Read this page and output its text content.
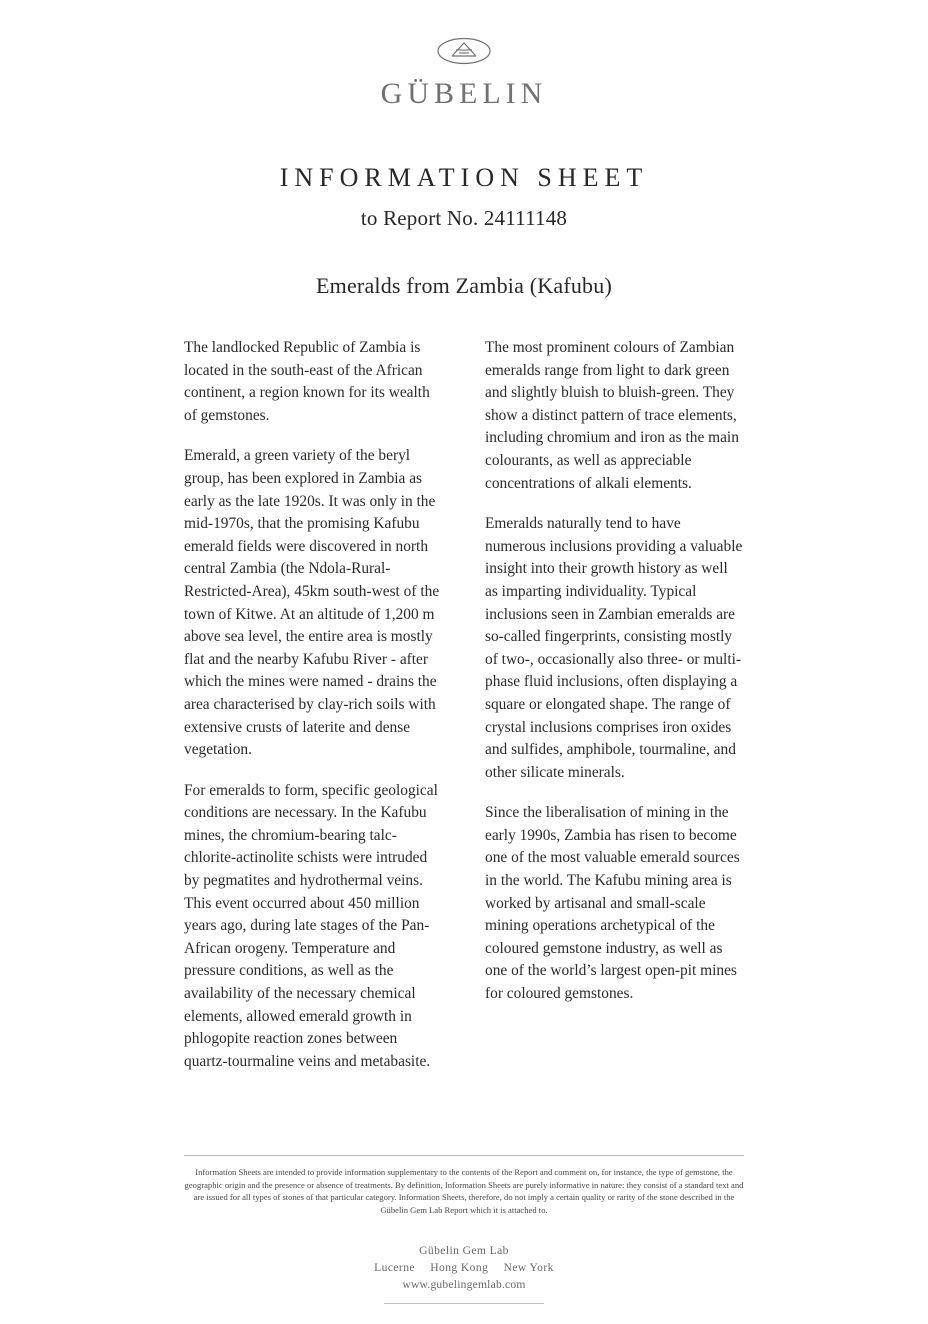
GÜBELIN
INFORMATION SHEET
to Report No. 24111148
Emeralds from Zambia (Kafubu)

The landlocked Republic of Zambia is located in the south-east of the African continent, a region known for its wealth of gemstones.

Emerald, a green variety of the beryl group, has been explored in Zambia as early as the late 1920s. It was only in the mid-1970s, that the promising Kafubu emerald fields were discovered in north central Zambia (the Ndola-Rural-Restricted-Area), 45km south-west of the town of Kitwe. At an altitude of 1,200 m above sea level, the entire area is mostly flat and the nearby Kafubu River - after which the mines were named - drains the area characterised by clay-rich soils with extensive crusts of laterite and dense vegetation.

For emeralds to form, specific geological conditions are necessary. In the Kafubu mines, the chromium-bearing talc-chlorite-actinolite schists were intruded by pegmatites and hydrothermal veins. This event occurred about 450 million years ago, during late stages of the Pan-African orogeny. Temperature and pressure conditions, as well as the availability of the necessary chemical elements, allowed emerald growth in phlogopite reaction zones between quartz-tourmaline veins and metabasite.

The most prominent colours of Zambian emeralds range from light to dark green and slightly bluish to bluish-green. They show a distinct pattern of trace elements, including chromium and iron as the main colourants, as well as appreciable concentrations of alkali elements.

Emeralds naturally tend to have numerous inclusions providing a valuable insight into their growth history as well as imparting individuality. Typical inclusions seen in Zambian emeralds are so-called fingerprints, consisting mostly of two-, occasionally also three- or multi-phase fluid inclusions, often displaying a square or elongated shape. The range of crystal inclusions comprises iron oxides and sulfides, amphibole, tourmaline, and other silicate minerals.

Since the liberalisation of mining in the early 1990s, Zambia has risen to become one of the most valuable emerald sources in the world. The Kafubu mining area is worked by artisanal and small-scale mining operations archetypical of the coloured gemstone industry, as well as one of the world’s largest open-pit mines for coloured gemstones.

Information Sheets are intended to provide information supplementary to the contents of the Report and comment on, for instance, the type of gemstone, the geographic origin and the presence or absence of treatments. By definition, Information Sheets are purely informative in nature: they consist of a standard text and are issued for all types of stones of that particular category. Information Sheets, therefore, do not imply a certain quality or rarity of the stone described in the Gübelin Gem Lab Report which it is attached to.
Gübelin Gem Lab
Lucerne Hong Kong New York
www.gubelingemlab.com
